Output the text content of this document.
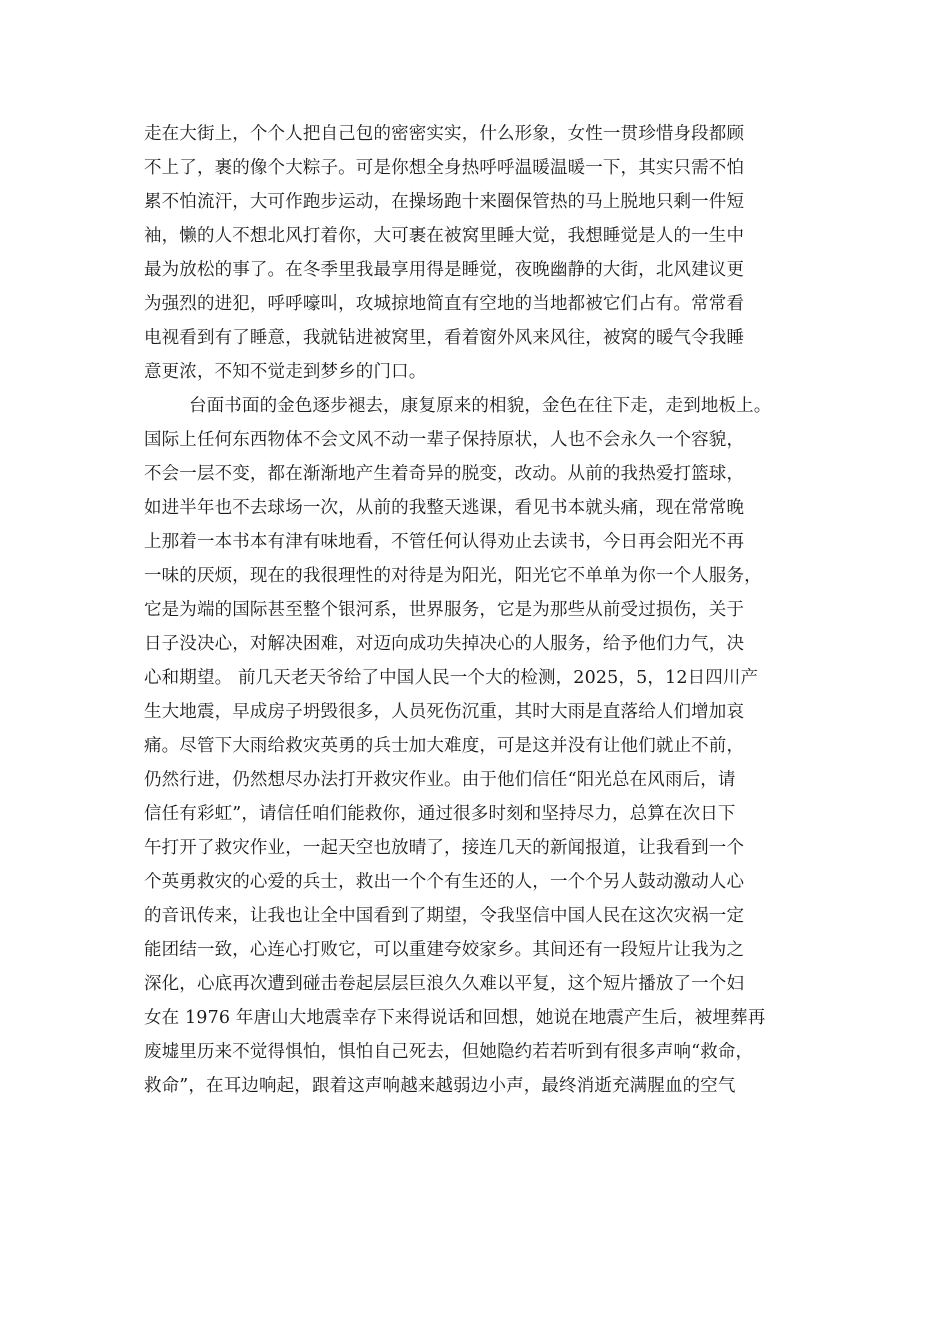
走在大街上，个个人把自己包的密密实实，什么形象，女性一贯珍惜身段都顾
不上了，裹的像个大粽子。可是你想全身热呼呼温暖温暖一下，其实只需不怕
累不怕流汗，大可作跑步运动，在操场跑十来圈保管热的马上脱地只剩一件短
袖，懒的人不想北风打着你，大可裹在被窝里睡大觉，我想睡觉是人的一生中
最为放松的事了。在冬季里我最享用得是睡觉，夜晚幽静的大街，北风建议更
为强烈的进犯，呼呼嚎叫，攻城掠地简直有空地的当地都被它们占有。常常看
电视看到有了睡意，我就钻进被窝里，看着窗外风来风往，被窝的暖气令我睡
意更浓，不知不觉走到梦乡的门口。
台面书面的金色逐步褪去，康复原来的相貌，金色在往下走，走到地板上。
国际上任何东西物体不会文风不动一辈子保持原状，人也不会永久一个容貌，
不会一层不变，都在渐渐地产生着奇异的脱变，改动。从前的我热爱打篮球，
如进半年也不去球场一次，从前的我整天逃课，看见书本就头痛，现在常常晚
上那着一本书本有津有味地看，不管任何认得劝止去读书，今日再会阳光不再
一味的厌烦，现在的我很理性的对待是为阳光，阳光它不单单为你一个人服务，
它是为端的国际甚至整个银河系，世界服务，它是为那些从前受过损伤，关于
日子没决心，对解决困难，对迈向成功失掉决心的人服务，给予他们力气，决
心和期望。 前几天老天爷给了中国人民一个大的检测，2025，5，12日四川产
生大地震，早成房子坍毁很多，人员死伤沉重，其时大雨是直落给人们增加哀
痛。尽管下大雨给救灾英勇的兵士加大难度，可是这并没有让他们就止不前，
仍然行进，仍然想尽办法打开救灾作业。由于他们信任“阳光总在风雨后，请
信任有彩虹”，请信任咱们能救你，通过很多时刻和坚持尽力，总算在次日下
午打开了救灾作业，一起天空也放晴了，接连几天的新闻报道，让我看到一个
个英勇救灾的心爱的兵士，救出一个个有生还的人，一个个另人鼓动激动人心
的音讯传来，让我也让全中国看到了期望，令我坚信中国人民在这次灾祸一定
能团结一致，心连心打败它，可以重建夸姣家乡。其间还有一段短片让我为之
深化，心底再次遭到碰击卷起层层巨浪久久难以平复，这个短片播放了一个妇
女在 1976 年唐山大地震幸存下来得说话和回想，她说在地震产生后，被埋葬再
废墟里历来不觉得惧怕，惧怕自己死去，但她隐约若若听到有很多声响“救命，
救命”，在耳边响起，跟着这声响越来越弱边小声，最终消逝充满腥血的空气
